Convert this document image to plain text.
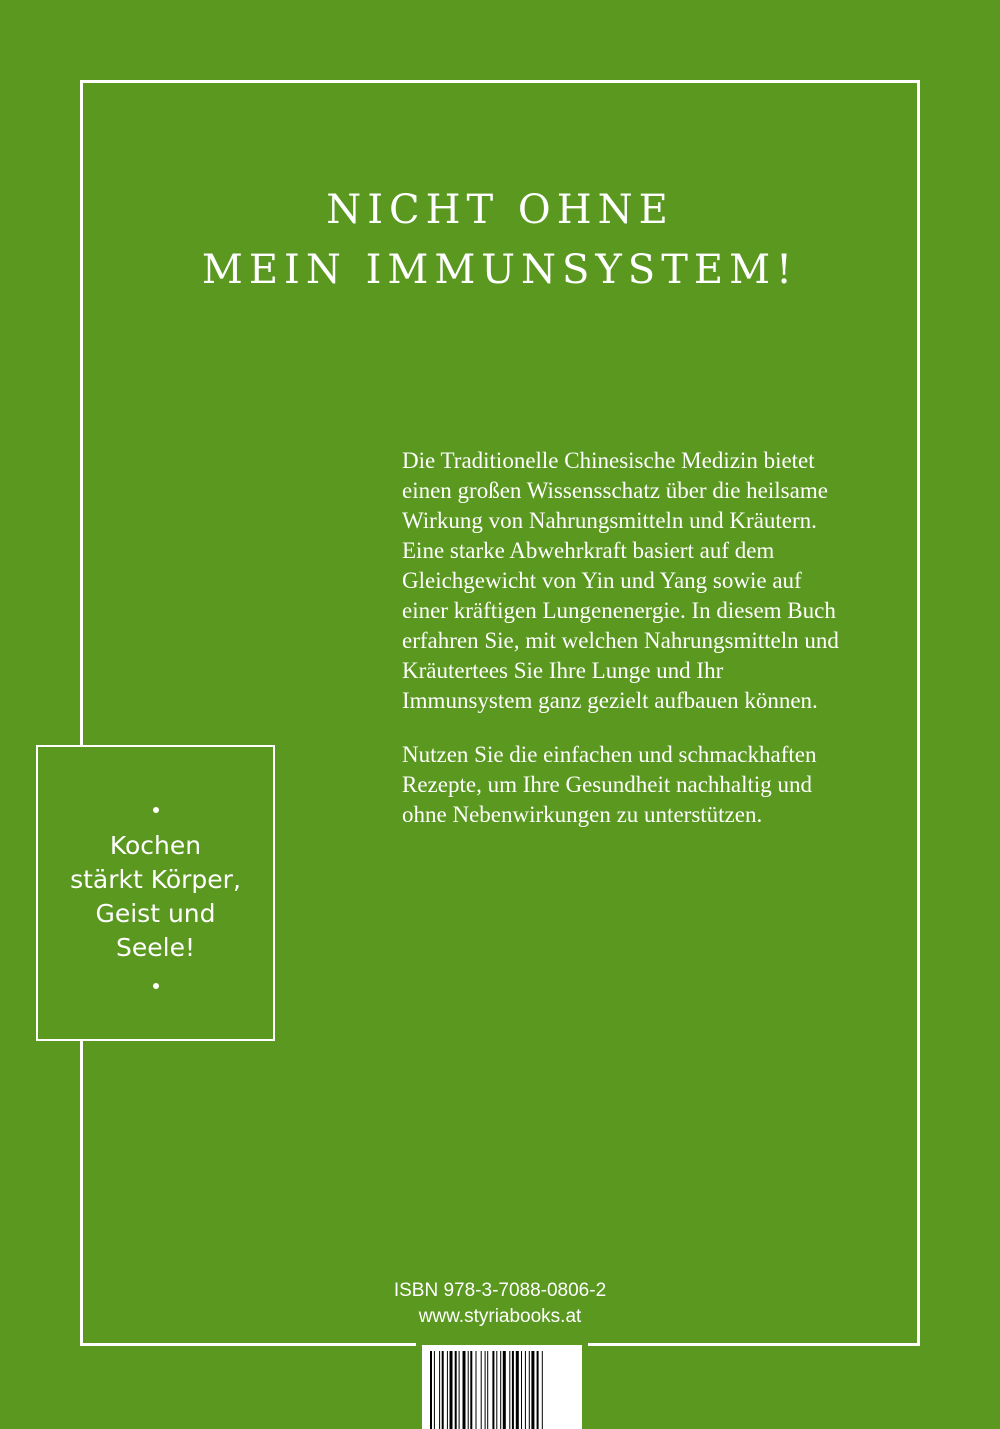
NICHT OHNE
MEIN IMMUNSYSTEM!

Die Traditionelle Chinesische Medizin bietet einen großen Wissensschatz über die heilsame Wirkung von Nahrungsmitteln und Kräutern. Eine starke Abwehrkraft basiert auf dem Gleichgewicht von Yin und Yang sowie auf einer kräftigen Lungenenergie. In diesem Buch erfahren Sie, mit welchen Nahrungsmitteln und Kräutertees Sie Ihre Lunge und Ihr Immunsystem ganz gezielt aufbauen können.

Nutzen Sie die einfachen und schmackhaften Rezepte, um Ihre Gesundheit nachhaltig und ohne Nebenwirkungen zu unterstützen.

Kochen
stärkt Körper,
Geist und
Seele!
ISBN 978-3-7088-0806-2
www.styriabooks.at
